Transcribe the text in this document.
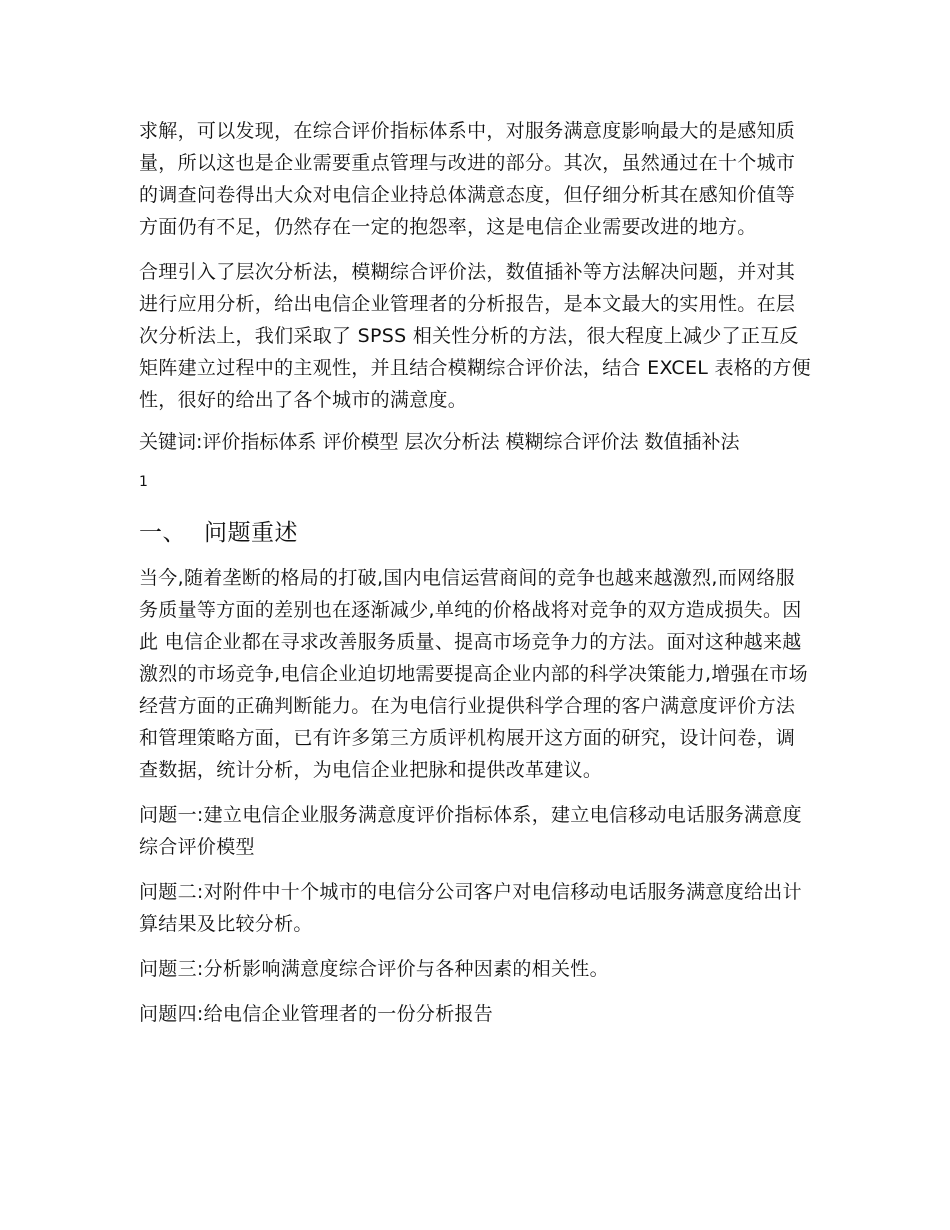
求解，可以发现，在综合评价指标体系中，对服务满意度影响最大的是感知质量，所以这也是企业需要重点管理与改进的部分。其次，虽然通过在十个城市的调查问卷得出大众对电信企业持总体满意态度，但仔细分析其在感知价值等方面仍有不足，仍然存在一定的抱怨率，这是电信企业需要改进的地方。

合理引入了层次分析法，模糊综合评价法，数值插补等方法解决问题，并对其进行应用分析，给出电信企业管理者的分析报告，是本文最大的实用性。在层次分析法上，我们采取了 SPSS 相关性分析的方法，很大程度上减少了正互反矩阵建立过程中的主观性，并且结合模糊综合评价法，结合 EXCEL 表格的方便性，很好的给出了各个城市的满意度。

关键词:评价指标体系 评价模型 层次分析法 模糊综合评价法 数值插补法

1

一、 问题重述

当今,随着垄断的格局的打破,国内电信运营商间的竞争也越来越激烈,而网络服务质量等方面的差别也在逐渐减少,单纯的价格战将对竞争的双方造成损失。因此 电信企业都在寻求改善服务质量、提高市场竞争力的方法。面对这种越来越激烈的市场竞争,电信企业迫切地需要提高企业内部的科学决策能力,增强在市场经营方面的正确判断能力。在为电信行业提供科学合理的客户满意度评价方法和管理策略方面，已有许多第三方质评机构展开这方面的研究，设计问卷，调查数据，统计分析，为电信企业把脉和提供改革建议。

问题一:建立电信企业服务满意度评价指标体系，建立电信移动电话服务满意度综合评价模型

问题二:对附件中十个城市的电信分公司客户对电信移动电话服务满意度给出计算结果及比较分析。

问题三:分析影响满意度综合评价与各种因素的相关性。

问题四:给电信企业管理者的一份分析报告
